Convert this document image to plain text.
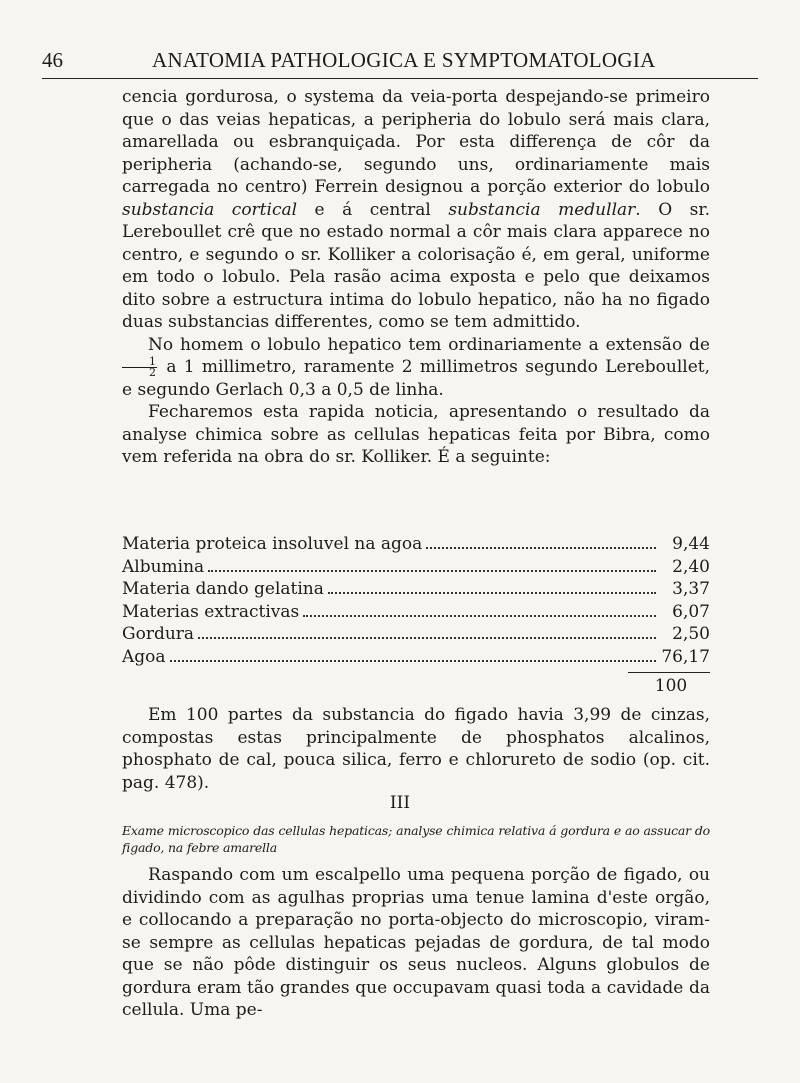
46	ANATOMIA PATHOLOGICA E SYMPTOMATOLOGIA

cencia gordurosa, o systema da veia-porta despejando-se primeiro que o das veias hepaticas, a peripheria do lobulo será mais clara, amarellada ou esbranquiçada. Por esta differença de côr da peripheria (achando-se, segundo uns, ordinariamente mais carregada no centro) Ferrein designou a porção exterior do lobulo substancia cortical e á central substancia medullar. O sr. Lereboullet crê que no estado normal a côr mais clara apparece no centro, e segundo o sr. Kolliker a colorisação é, em geral, uniforme em todo o lobulo. Pela rasão acima exposta e pelo que deixamos dito sobre a estructura intima do lobulo hepatico, não ha no figado duas substancias differentes, como se tem admittido.

No homem o lobulo hepatico tem ordinariamente a extensão de
$\frac{1}{2}$ a 1 millimetro, raramente 2 millimetros segundo Lereboullet, e segundo Gerlach 0,3 a 0,5 de linha.

Fecharemos esta rapida noticia, apresentando o resultado da analyse chimica sobre as cellulas hepaticas feita por Bibra, como vem referida na obra do sr. Kolliker. É a seguinte:

Materia proteica insoluvel na agoa	9,44
Albumina	2,40
Materia dando gelatina	3,37
Materias extractivas	6,07
Gordura	2,50
Agoa	76,17
100

Em 100 partes da substancia do figado havia 3,99 de cinzas, compostas estas principalmente de phosphatos alcalinos, phosphato de cal, pouca silica, ferro e chlorureto de sodio (op. cit. pag. 478).

III
Exame microscopico das cellulas hepaticas; analyse chimica relativa á gordura e ao assucar do figado, na febre amarella

Raspando com um escalpello uma pequena porção de figado, ou dividindo com as agulhas proprias uma tenue lamina d'este orgão, e collocando a preparação no porta-objecto do microscopio, viram-se sempre as cellulas hepaticas pejadas de gordura, de tal modo que se não pôde distinguir os seus nucleos. Alguns globulos de gordura eram tão grandes que occupavam quasi toda a cavidade da cellula. Uma pe-
